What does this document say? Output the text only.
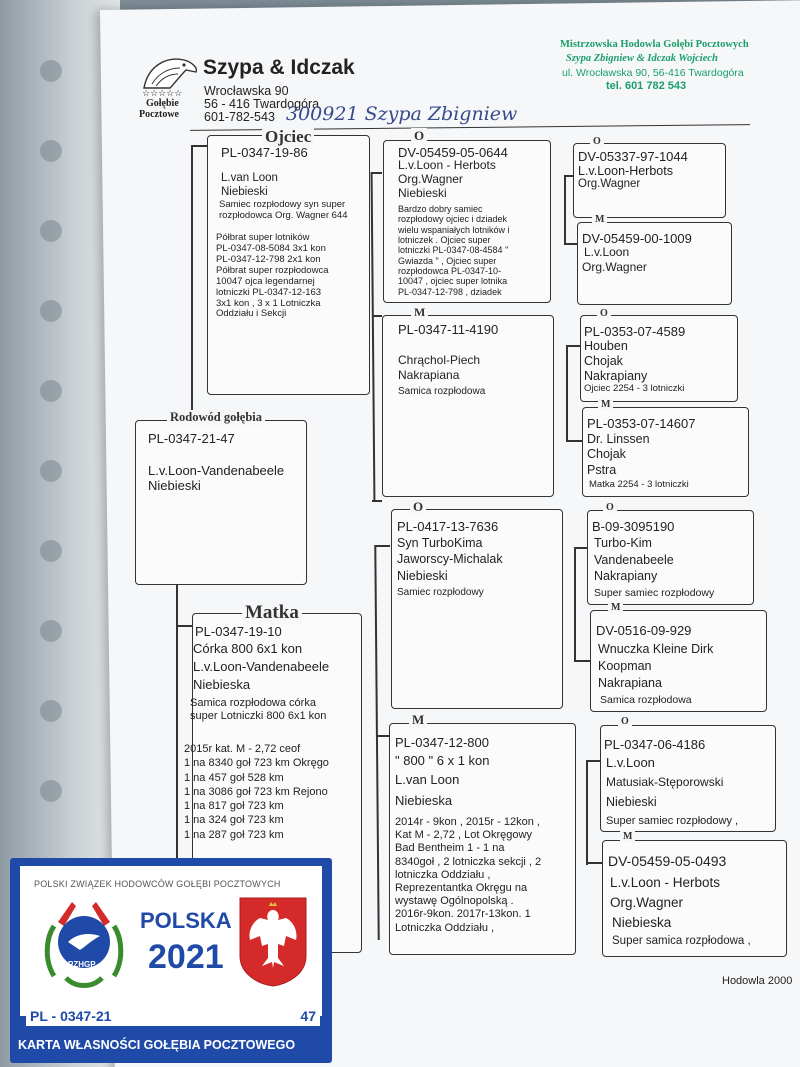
☆☆☆☆☆
Gołębie
Pocztowe
Szypa & Idczak
Wrocławska 90
56 - 416 Twardogóra
601-782-543
Mistrzowska Hodowla Gołębi Pocztowych
Szypa Zbigniew & Idczak Wojciech
ul. Wrocławska 90, 56-416 Twardogóra
tel. 601 782 543
300921 Szypa Zbigniew
Ojciec
PL-0347-19-86
L.van Loon
Niebieski
Samiec rozpłodowy syn super
rozpłodowca Org. Wagner 644
Półbrat super lotników
PL-0347-08-5084 3x1 kon
PL-0347-12-798 2x1 kon
Półbrat super rozpłodowca
10047 ojca legendarnej
lotniczki PL-0347-12-163
3x1 kon , 3 x 1 Lotniczka
Oddziału i Sekcji
Rodowód gołębia
PL-0347-21-47
L.v.Loon-Vandenabeele
Niebieski
Matka
PL-0347-19-10
Córka 800 6x1 kon
L.v.Loon-Vandenabeele
Niebieska
Samica rozpłodowa córka
super Lotniczki 800 6x1 kon
2015r kat. M - 2,72 ceof
1 na 8340 goł 723 km Okręgo
1 na 457 goł 528 km
1 na 3086 goł 723 km Rejono
1 na 817 goł 723 km
1 na 324 goł 723 km
1 na 287 goł 723 km
O
DV-05459-05-0644
L.v.Loon - Herbots
Org.Wagner
Niebieski
Bardzo dobry samiec
rozpłodowy ojciec i dziadek
wielu wspaniałych lotników i
lotniczek . Ojciec super
lotniczki PL-0347-08-4584 "
Gwiazda " , Ojciec super
rozpłodowca PL-0347-10-
10047 , ojciec super lotnika
PL-0347-12-798 , dziadek
M
PL-0347-11-4190
Chrąchol-Piech
Nakrapiana
Samica rozpłodowa
O
PL-0417-13-7636
Syn TurboKima
Jaworscy-Michalak
Niebieski
Samiec rozpłodowy
M
PL-0347-12-800
" 800 " 6 x 1 kon
L.van Loon
Niebieska
2014r - 9kon , 2015r - 12kon ,
Kat M - 2,72 , Lot Okręgowy
Bad Bentheim 1 - 1 na
8340goł , 2 lotniczka sekcji , 2
lotniczka Oddziału ,
Reprezentantka Okręgu na
wystawę Ogólnopolską .
2016r-9kon. 2017r-13kon. 1
Lotniczka Oddziału ,
O
DV-05337-97-1044
L.v.Loon-Herbots
Org.Wagner
M
DV-05459-00-1009
L.v.Loon
Org.Wagner
O
PL-0353-07-4589
Houben
Chojak
Nakrapiany
Ojciec 2254 - 3 lotniczki
M
PL-0353-07-14607
Dr. Linssen
Chojak
Pstra
Matka 2254 - 3 lotniczki
O
B-09-3095190
Turbo-Kim
Vandenabeele
Nakrapiany
Super samiec rozpłodowy
M
DV-0516-09-929
Wnuczka Kleine Dirk
Koopman
Nakrapiana
Samica rozpłodowa
O
PL-0347-06-4186
L.v.Loon
Matusiak-Stęporowski
Niebieski
Super samiec rozpłodowy ,
M
DV-05459-05-0493
L.v.Loon - Herbots
Org.Wagner
Niebieska
Super samica rozpłodowa ,
Hodowla 2000
POLSKI ZWIĄZEK HODOWCÓW GOŁĘBI POCZTOWYCH
PZHGP
POLSKA
2021
PL - 0347-21	47
KARTA WŁASNOŚCI GOŁĘBIA POCZTOWEGO
